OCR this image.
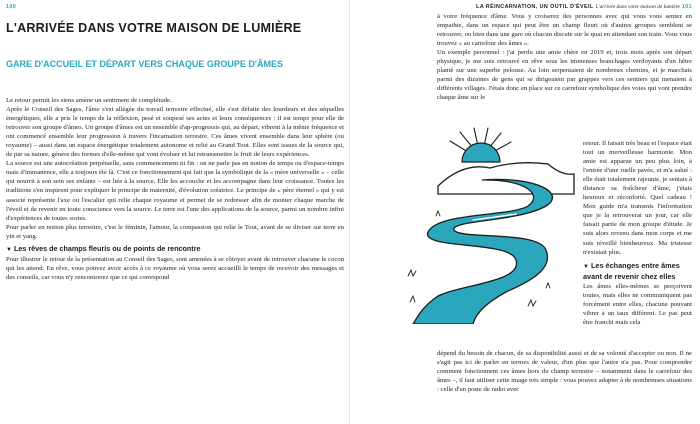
100
L'ARRIVÉE DANS VOTRE MAISON DE LUMIÈRE
GARE D'ACCUEIL ET DÉPART VERS CHAQUE GROUPE D'ÂMES

Le retour permit les siens amène un sentiment de complétude.

Après le Conseil des Sages, l'âme s'est allégée du travail terrestre effectué, elle s'est défaite des lourdeurs et des séquelles énergétiques, elle a pris le temps de la réflexion, pesé et soupesé ses actes et leurs conséquences : il est temps pour elle de retrouver son groupe d'âmes. Un groupe d'âmes est un ensemble d'ap-progressis qui, au départ, vibrent à la même fréquence et ont commencé ensemble leur progression à travers l'incarnation terrestre. Ces âmes vivent ensemble dans leur sphère (ou royaume) – aussi dans un espace énergétique totalement autonome et relié au Grand Tout. Elles sont issues de la source qui, de par sa nature, génère des formes d'elle-même qui vont évoluer et lui retransmettre le fruit de leurs expériences.

La source est une autocréation perpétuelle, sans commencement ni fin : on ne parle pas en notion de temps ou d'espace-temps mais d'immanence, elle a toujours été là. C'est ce fonctionnement qui fait que la symbolique de la « mère universelle » – celle qui nourrit à son sein ses enfants – est liée à la source. Elle les accouche et les accompagne dans leur croissance. Toutes les traditions s'en inspirent pour expliquer le principe de maternité, d'évolution créatrice. Le principe de « père éternel » qui y est associé représente l'axe ou l'escalier qui relie chaque royaume et permet de se redresser afin de monter chaque marche de l'éveil et de revenir en toute conscience vers la source. Le terre est l'une des applications de la source, parmi un nombre infini d'expériences de toutes sortes.

Pour parler en notion plus terrestre, c'est le féminin, l'amour, la compassion qui relie le Tout, avant de se diviser sur terre en yin et yang.

▼ Les rêves de champs fleuris ou de points de rencontre

Pour illustrer le retour de la présentation au Conseil des Sages, sont amenées à se côtoyer avant de retrouver chacune le cocon qui les attend. En rêve, vous pouvez avoir accès à ce royaume où vous serez accueilli le temps de recevoir des messages et des conseils, car vous n'y rencontrerez que ce qui correspond

LA RÉINCARNATION, UN OUTIL D'ÉVEIL L'arrivée dans votre maison de lumière 101

à votre fréquence d'âme. Vous y croiserez des personnes avec qui vous vous sentez en empathie, dans un espace qui peut être un champ fleuri où d'autres groupes semblent se retrouver, ou bien dans une gare où chacun discute sur le quai en attendant son train. Vous vous trouvez « au carrefour des âmes ».

Un exemple personnel : j'ai perdu une amie chère en 2019 et, trois mois après son départ physique, je me suis retrouvé en rêve sous les immenses branchages verdoyants d'un hêtre planté sur une superbe pelouse. Au loin serpentaient de nombreux chemins, et je marchais parmi des dizaines de gens qui se dirigeaient par grappes vers ces sentiers qui menaient à différents villages. J'étais donc en place sur ce carrefour symbolique des voies qui vont prendre chaque âme sur le

retour. Il faisait très beau et l'espace était tout un merveilleuse harmonie. Mon amie est apparue un peu plus loin, à l'entrée d'une ruelle pavée, et m'a salué : elle était totalement rajeunie, je sentais à distance sa fraîcheur d'âme, j'étais heureux et réconforté. Quel cadeau ! Mon guide m'a transmis l'information que je la retrouverai un jour, car elle faisait partie de mon groupe d'étude. Je suis alors revenu dans mon corps et me suis réveillé bienheureux. Ma tristesse n'existait plus.

▼ Les échanges entre âmes avant de revenir chez elles

Les âmes elles-mêmes se perçoivent toutes, mais elles ne communiquent pas forcément entre elles, chacune pouvant vibrer à un taux différent. Le pas peut être franchi mais cela

dépend du besoin de chacun, de sa disponibilité aussi et de sa volonté d'accepter ou non. Il ne s'agit pas ici de parler en termes de valeur, d'un plus que l'autre n'a pas. Pour comprendre comment fonctionnent ces âmes hors du champ terrestre – notamment dans le carrefour des âmes –, il faut utiliser cette image très simple : vous pouvez adapter à de nombreuses situations : celle d'un poste de radio avec
